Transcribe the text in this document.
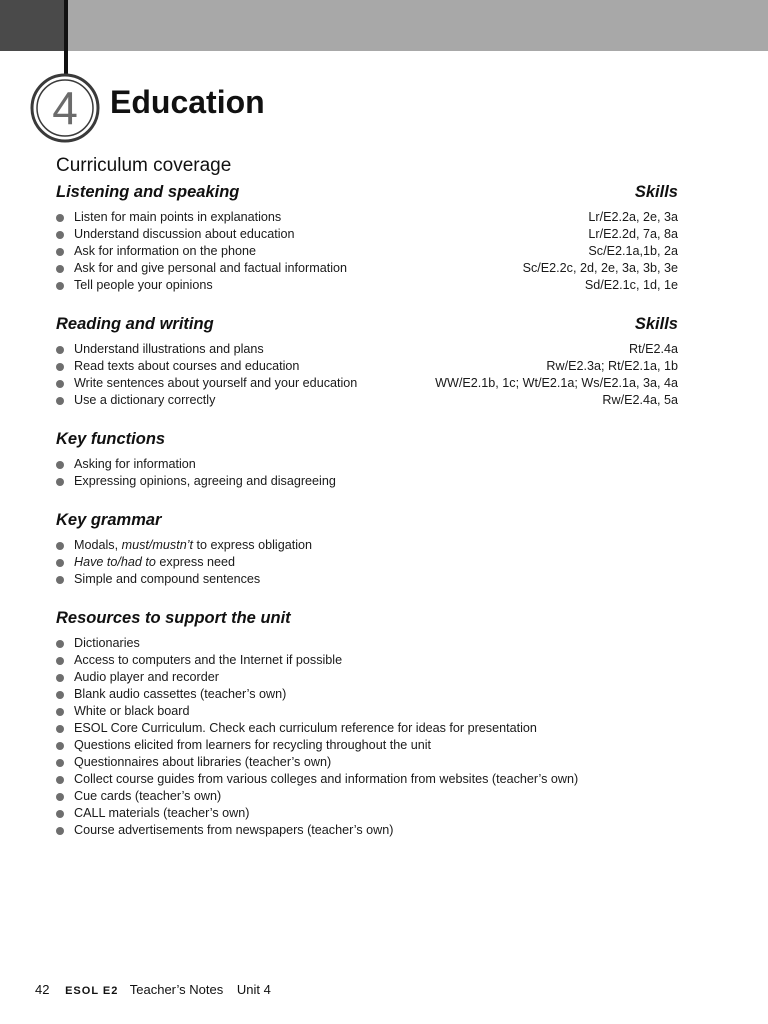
4	Education
Curriculum coverage
Listening and speaking	Skills
Listen for main points in explanations	Lr/E2.2a, 2e, 3a
Understand discussion about education	Lr/E2.2d, 7a, 8a
Ask for information on the phone	Sc/E2.1a,1b, 2a
Ask for and give personal and factual information	Sc/E2.2c, 2d, 2e, 3a, 3b, 3e
Tell people your opinions	Sd/E2.1c, 1d, 1e
Reading and writing	Skills
Understand illustrations and plans	Rt/E2.4a
Read texts about courses and education	Rw/E2.3a; Rt/E2.1a, 1b
Write sentences about yourself and your education	WW/E2.1b, 1c; Wt/E2.1a; Ws/E2.1a, 3a, 4a
Use a dictionary correctly	Rw/E2.4a, 5a
Key functions
Asking for information
Expressing opinions, agreeing and disagreeing
Key grammar
Modals, must/mustn’t to express obligation
Have to/had to express need
Simple and compound sentences
Resources to support the unit
Dictionaries
Access to computers and the Internet if possible
Audio player and recorder
Blank audio cassettes (teacher’s own)
White or black board
ESOL Core Curriculum. Check each curriculum reference for ideas for presentation
Questions elicited from learners for recycling throughout the unit
Questionnaires about libraries (teacher’s own)
Collect course guides from various colleges and information from websites (teacher’s own)
Cue cards (teacher’s own)
CALL materials (teacher’s own)
Course advertisements from newspapers (teacher’s own)
42 ESOL E2 Teacher’s Notes Unit 4
